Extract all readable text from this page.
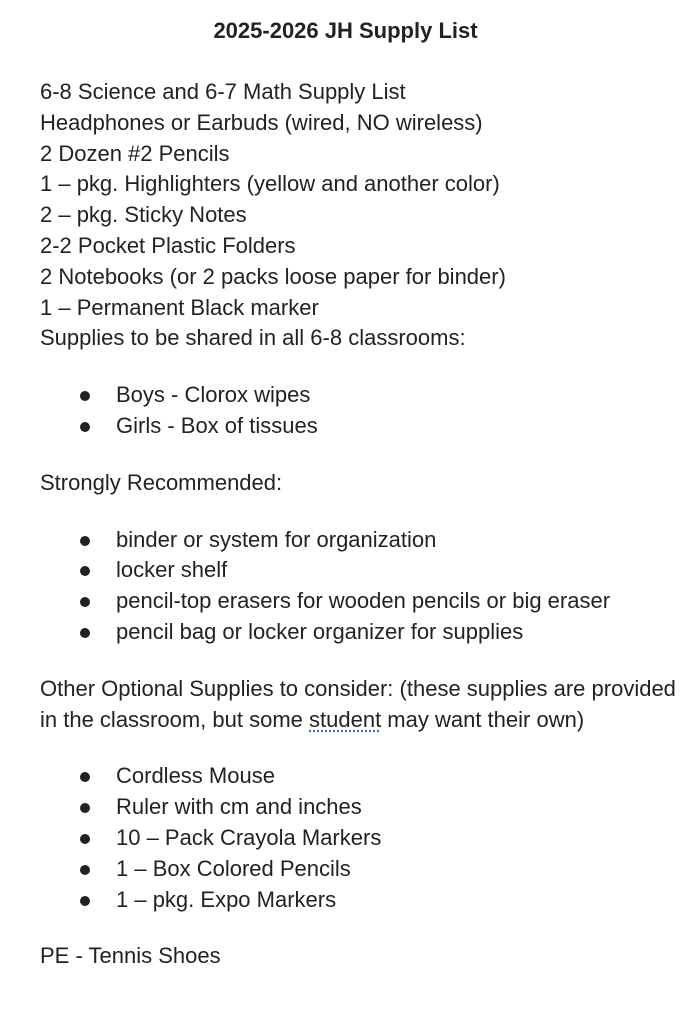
2025-2026 JH Supply List

6-8 Science and 6-7 Math Supply List

Headphones or Earbuds (wired, NO wireless)

2 Dozen #2 Pencils

1 – pkg. Highlighters (yellow and another color)

2 – pkg. Sticky Notes

2-2 Pocket Plastic Folders

2 Notebooks (or 2 packs loose paper for binder)

1 – Permanent Black marker

Supplies to be shared in all 6-8 classrooms:

Boys - Clorox wipes
Girls - Box of tissues

Strongly Recommended:

binder or system for organization
locker shelf
pencil-top erasers for wooden pencils or big eraser
pencil bag or locker organizer for supplies

Other Optional Supplies to consider: (these supplies are provided in the classroom, but some student may want their own)

Cordless Mouse
Ruler with cm and inches
10 – Pack Crayola Markers
1 – Box Colored Pencils
1 – pkg. Expo Markers

PE - Tennis Shoes
